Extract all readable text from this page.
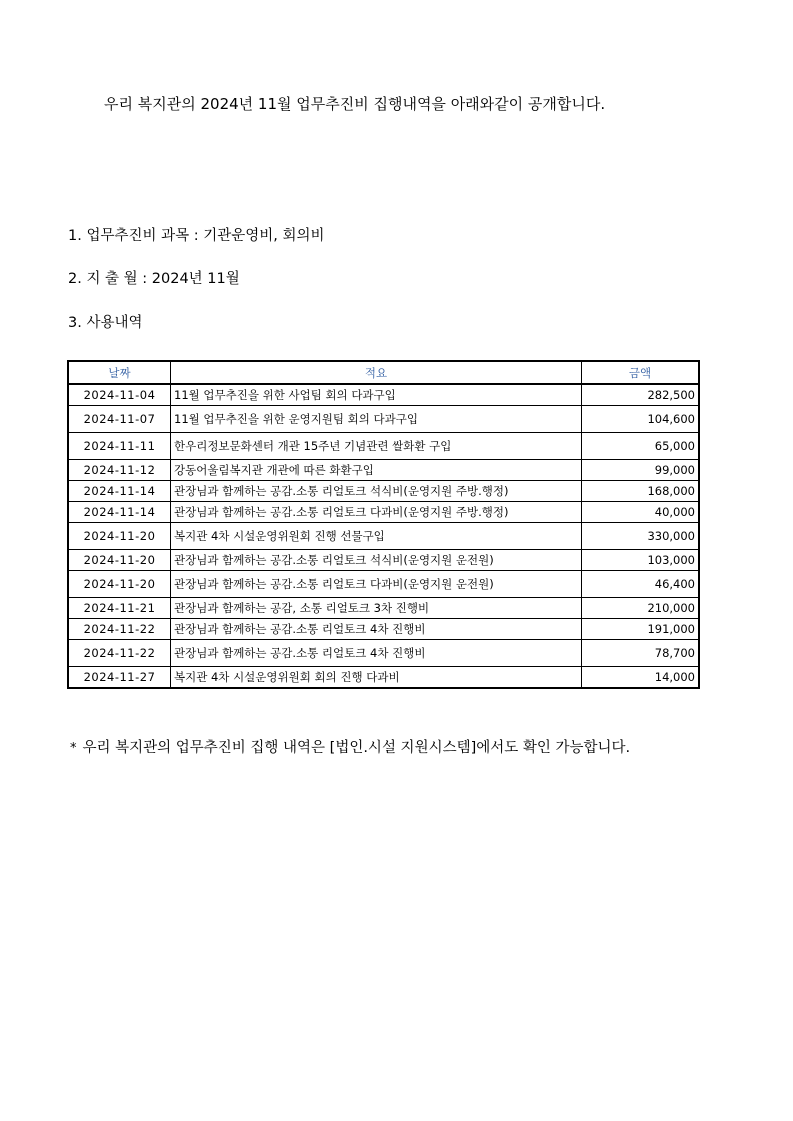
우리 복지관의 2024년 11월 업무추진비 집행내역을 아래와같이 공개합니다.
1. 업무추진비 과목 : 기관운영비, 회의비
2. 지 출 월 : 2024년 11월
3. 사용내역
날짜	적요	금액
2024-11-04	11월 업무추진을 위한 사업팀 회의 다과구입	282,500
2024-11-07	11월 업무추진을 위한 운영지원팀 회의 다과구입	104,600
2024-11-11	한우리정보문화센터 개관 15주년 기념관련 쌀화환 구입	65,000
2024-11-12	강동어울림복지관 개관에 따른 화환구입	99,000
2024-11-14	관장님과 함께하는 공감.소통 리얼토크 석식비(운영지원 주방.행정)	168,000
2024-11-14	관장님과 함께하는 공감.소통 리얼토크 다과비(운영지원 주방.행정)	40,000
2024-11-20	복지관 4차 시설운영위원회 진행 선물구입	330,000
2024-11-20	관장님과 함께하는 공감.소통 리얼토크 석식비(운영지원 운전원)	103,000
2024-11-20	관장님과 함께하는 공감.소통 리얼토크 다과비(운영지원 운전원)	46,400
2024-11-21	관장님과 함께하는 공감, 소통 리얼토크 3차 진행비	210,000
2024-11-22	관장님과 함께하는 공감.소통 리얼토크 4차 진행비	191,000
2024-11-22	관장님과 함께하는 공감.소통 리얼토크 4차 진행비	78,700
2024-11-27	복지관 4차 시설운영위원회 회의 진행 다과비	14,000
* 우리 복지관의 업무추진비 집행 내역은 [법인.시설 지원시스템]에서도 확인 가능합니다.
